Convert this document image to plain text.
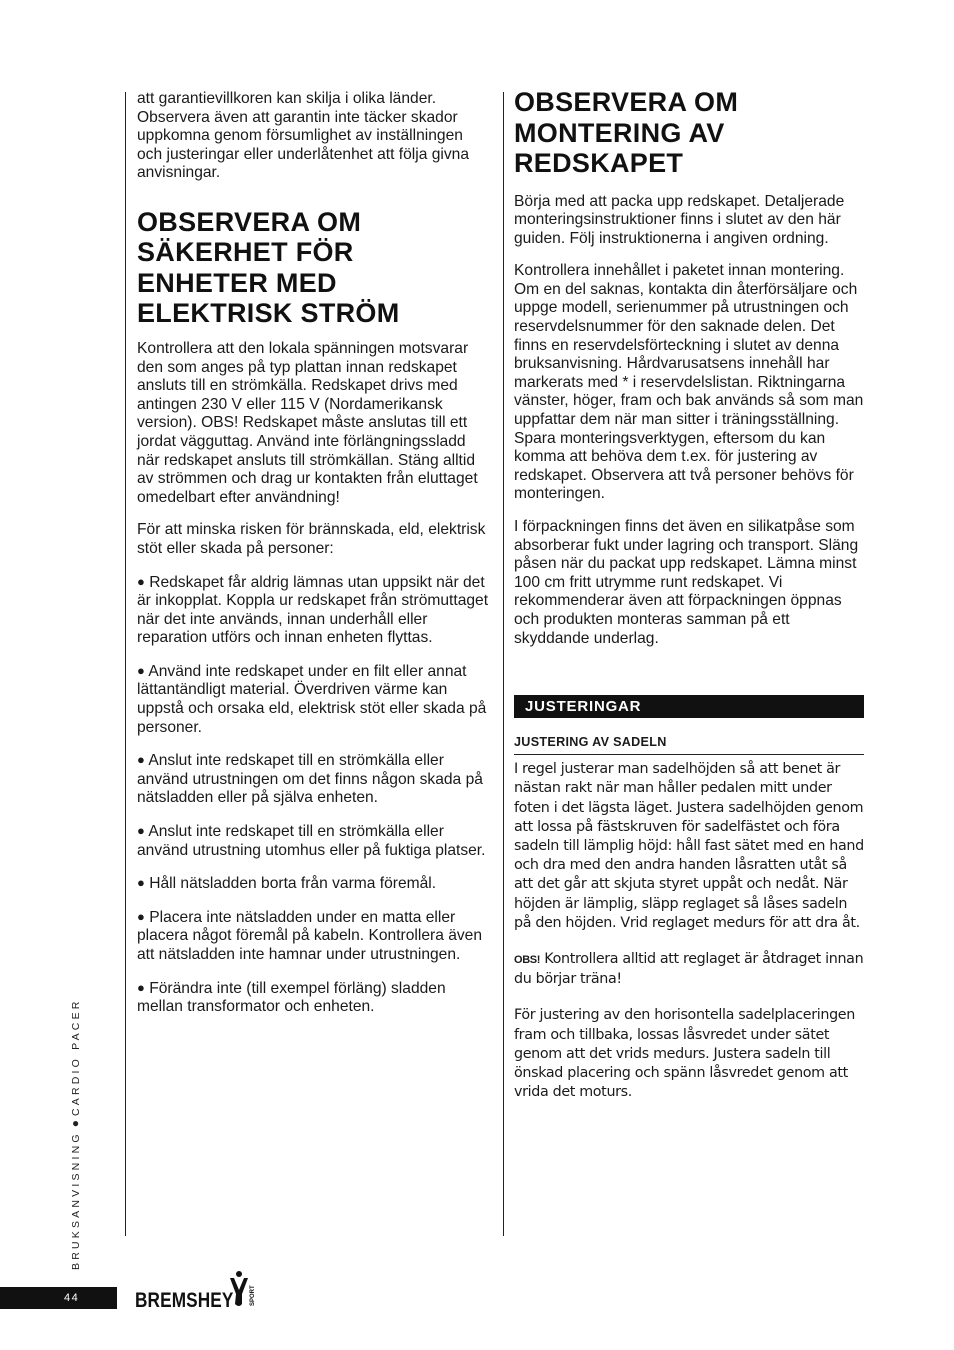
att garantievillkoren kan skilja i olika länder. Observera även att garantin inte täcker skador uppkomna genom försumlighet av inställningen och justeringar eller underlåtenhet att följa givna anvisningar.

OBSERVERA OM
SÄKERHET FÖR
ENHETER MED
ELEKTRISK STRÖM

Kontrollera att den lokala spänningen motsvarar den som anges på typ plattan innan redskapet ansluts till en strömkälla. Redskapet drivs med antingen 230 V eller 115 V (Nordamerikansk version). OBS! Redskapet måste anslutas till ett jordat vägguttag. Använd inte förlängningssladd när redskapet ansluts till strömkällan. Stäng alltid av strömmen och drag ur kontakten från eluttaget omedelbart efter användning!

För att minska risken för brännskada, eld, elektrisk stöt eller skada på personer:

● Redskapet får aldrig lämnas utan uppsikt när det är inkopplat. Koppla ur redskapet från strömuttaget när det inte används, innan underhåll eller reparation utförs och innan enheten flyttas.

● Använd inte redskapet under en filt eller annat lättantändligt material. Överdriven värme kan uppstå och orsaka eld, elektrisk stöt eller skada på personer.

● Anslut inte redskapet till en strömkälla eller använd utrustningen om det finns någon skada på nätsladden eller på själva enheten.

● Anslut inte redskapet till en strömkälla eller använd utrustning utomhus eller på fuktiga platser.

● Håll nätsladden borta från varma föremål.

● Placera inte nätsladden under en matta eller placera något föremål på kabeln. Kontrollera även att nätsladden inte hamnar under utrustningen.

● Förändra inte (till exempel förläng) sladden mellan transformator och enheten.

OBSERVERA OM
MONTERING AV
REDSKAPET

Börja med att packa upp redskapet. Detaljerade monteringsinstruktioner finns i slutet av den här guiden. Följ instruktionerna i angiven ordning.

Kontrollera innehållet i paketet innan montering. Om en del saknas, kontakta din återförsäljare och uppge modell, serienummer på utrustningen och reservdelsnummer för den saknade delen. Det finns en reservdelsförteckning i slutet av denna bruksanvisning. Hårdvarusatsens innehåll har markerats med * i reservdelslistan. Riktningarna vänster, höger, fram och bak används så som man uppfattar dem när man sitter i träningsställning. Spara monteringsverktygen, eftersom du kan komma att behöva dem t.ex. för justering av redskapet. Observera att två personer behövs för monteringen.

I förpackningen finns det även en silikatpåse som absorberar fukt under lagring och transport. Släng påsen när du packat upp redskapet. Lämna minst 100 cm fritt utrymme runt redskapet. Vi rekommenderar även att förpackningen öppnas och produkten monteras samman på ett skyddande underlag.

JUSTERINGAR
JUSTERING AV SADELN

I regel justerar man sadelhöjden så att benet är nästan rakt när man håller pedalen mitt under foten i det lägsta läget. Justera sadelhöjden genom att lossa på fästskruven för sadelfästet och föra sadeln till lämplig höjd: håll fast sätet med en hand och dra med den andra handen låsratten utåt så att det går att skjuta styret uppåt och nedåt. När höjden är lämplig, släpp reglaget så låses sadeln på den höjden. Vrid reglaget medurs för att dra åt.

OBS! Kontrollera alltid att reglaget är åtdraget innan du börjar träna!

För justering av den horisontella sadelplaceringen fram och tillbaka, lossas låsvredet under sätet genom att det vrids medurs. Justera sadeln till önskad placering och spänn låsvredet genom att vrida det moturs.

BRUKSANVISNING●CARDIO PACER
44	BREMSHEY	SPORT
